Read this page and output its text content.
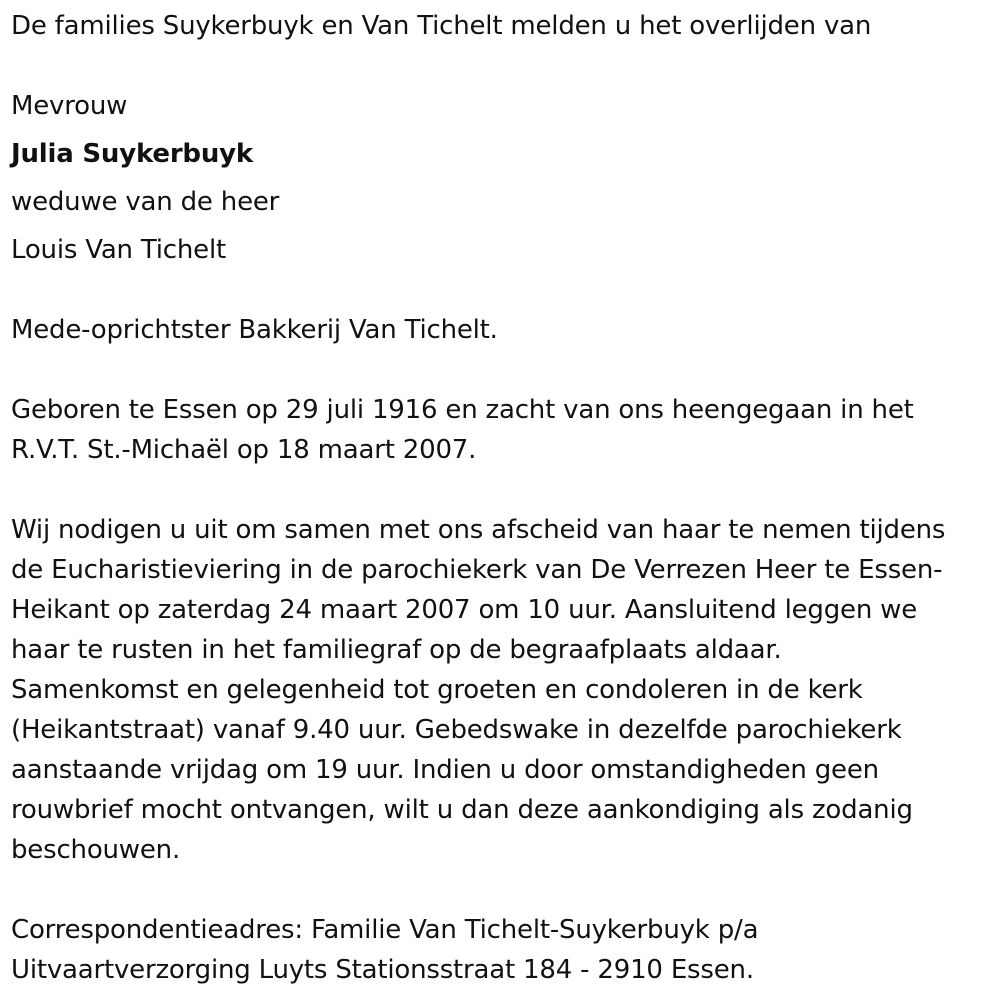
De families Suykerbuyk en Van Tichelt melden u het overlijden van
Mevrouw
Julia Suykerbuyk
weduwe van de heer
Louis Van Tichelt
Mede-oprichtster Bakkerij Van Tichelt.
Geboren te Essen op 29 juli 1916 en zacht van ons heengegaan in het
R.V.T. St.-Michaël op 18 maart 2007.
Wij nodigen u uit om samen met ons afscheid van haar te nemen tijdens
de Eucharistieviering in de parochiekerk van De Verrezen Heer te Essen-
Heikant op zaterdag 24 maart 2007 om 10 uur. Aansluitend leggen we
haar te rusten in het familiegraf op de begraafplaats aldaar.
Samenkomst en gelegenheid tot groeten en condoleren in de kerk
(Heikantstraat) vanaf 9.40 uur. Gebedswake in dezelfde parochiekerk
aanstaande vrijdag om 19 uur. Indien u door omstandigheden geen
rouwbrief mocht ontvangen, wilt u dan deze aankondiging als zodanig
beschouwen.
Correspondentieadres: Familie Van Tichelt-Suykerbuyk p/a
Uitvaartverzorging Luyts Stationsstraat 184 - 2910 Essen.
